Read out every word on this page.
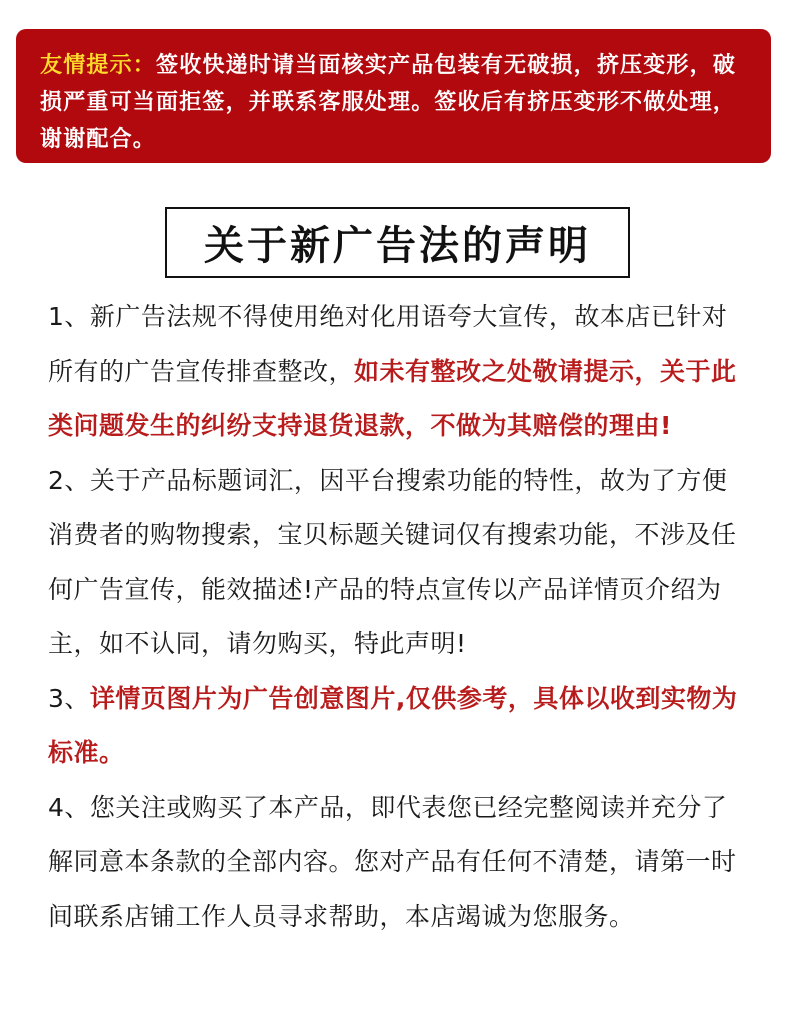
友情提示：签收快递时请当面核实产品包装有无破损，挤压变形，破损严重可当面拒签，并联系客服处理。签收后有挤压变形不做处理，谢谢配合。
关于新广告法的声明

1、新广告法规不得使用绝对化用语夸大宣传，故本店已针对所有的广告宣传排查整改，如未有整改之处敬请提示，关于此类问题发生的纠纷支持退货退款，不做为其赔偿的理由!

2、关于产品标题词汇，因平台搜索功能的特性，故为了方便消费者的购物搜索，宝贝标题关键词仅有搜索功能，不涉及任何广告宣传，能效描述!产品的特点宣传以产品详情页介绍为主，如不认同，请勿购买，特此声明!

3、详情页图片为广告创意图片,仅供参考，具体以收到实物为标准。

4、您关注或购买了本产品，即代表您已经完整阅读并充分了解同意本条款的全部内容。您对产品有任何不清楚，请第一时间联系店铺工作人员寻求帮助，本店竭诚为您服务。
